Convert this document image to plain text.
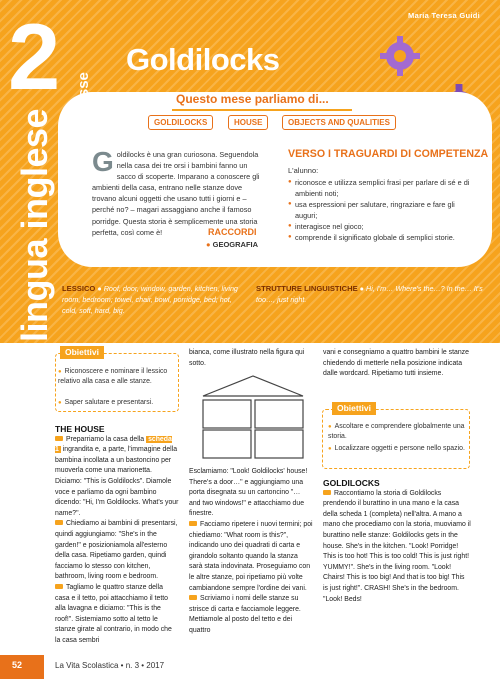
Maria Teresa Guidi
2
lingua inglese
Goldilocks
Questo mese parliamo di...
GOLDILOCKS	HOUSE	OBJECTS AND QUALITIES
Goldilocks è una gran curiosona. Seguendola nella casa dei tre orsi i bambini fanno un sacco di scoperte. Imparano a conoscere gli ambienti della casa, entrano nelle stanze dove trovano alcuni oggetti che usano tutti i giorni e – perché no? – magari assaggiano anche il famoso porridge. Questa storia è semplicemente una storia perfetta, così come è!
VERSO I TRAGUARDI DI COMPETENZA
L'alunno:
● riconosce e utilizza semplici frasi per parlare di sé e di ambienti noti;
● usa espressioni per salutare, ringraziare e fare gli auguri;
● interagisce nel gioco;
● comprende il significato globale di semplici storie.
RACCORDI
● GEOGRAFIA
LESSICO ● Roof, door, window, garden, kitchen, living room, bedroom; towel, chair, bowl, porridge, bed; hot, cold, soft, hard, big.
STRUTTURE LINGUISTICHE ● Hi, I'm… Where's the…? In the… It's too…, just right.
Obiettivi
● Riconoscere e nominare il lessico relativo alla casa e alle stanze.
● Saper salutare e presentarsi.
THE HOUSE
Preparriamo la casa della scheda 1 ingrandita e, a parte, l'immagine della bambina incollata a un bastoncino per muoverla come una marionetta. Diciamo: "This is Goldilocks". Diamole voce e parliamo da ogni bambino dicendo: "Hi, I'm Goldilocks. What's your name?".
Chiediamo ai bambini di presentarsi, quindi aggiungiamo: "She's in the garden!" e posizioniamola all'esterno della casa. Ripetiamo garden, quindi facciamo lo stesso con kitchen, bathroom, living room e bedroom.
Tagliamo le quattro stanze della casa e il tetto, poi attacchiamo il tetto alla lavagna e diciamo: "This is the roof!". Sistemiamo sotto al tetto le stanze girate al contrario, in modo che la casa sembri
bianca, come illustrato nella figura qui sotto.
Esclamiamo: "Look! Goldilocks' house! There's a door…" e aggiungiamo una porta disegnata su un cartoncino "… and two windows!" e attacchiamo due finestre.
Facciamo ripetere i nuovi termini; poi chiediamo: "What room is this?", indicando uno dei quadrati di carta e girandolo soltanto quando la stanza sarà stata indovinata. Proseguiamo con le altre stanze, poi ripetiamo più volte cambiandone sempre l'ordine dei vani.
Scriviamo i nomi delle stanze su strisce di carta e facciamole leggere. Mettiamole al posto del tetto e dei quattro
vani e consegniamo a quattro bambini le stanze chiedendo di metterle nella posizione indicata dalle wordcard. Ripetiamo tutti insieme.
Obiettivi
● Ascoltare e comprendere globalmente una storia.
● Localizzare oggetti e persone nello spazio.
GOLDILOCKS
Raccontiamo la storia di Goldilocks prendendo il burattino in una mano e la casa della scheda 1 (completa) nell'altra. A mano a mano che procediamo con la storia, muoviamo il burattino nelle stanze: Goldilocks gets in the house. She's in the kitchen. "Look! Porridge! This is too hot! This is too cold! This is just right! YUMMY!". She's in the living room. "Look! Chairs! This is too big! And that is too big! This is just right!". CRASH! She's in the bedroom. "Look! Beds!
52	La Vita Scolastica • n. 3 • 2017
